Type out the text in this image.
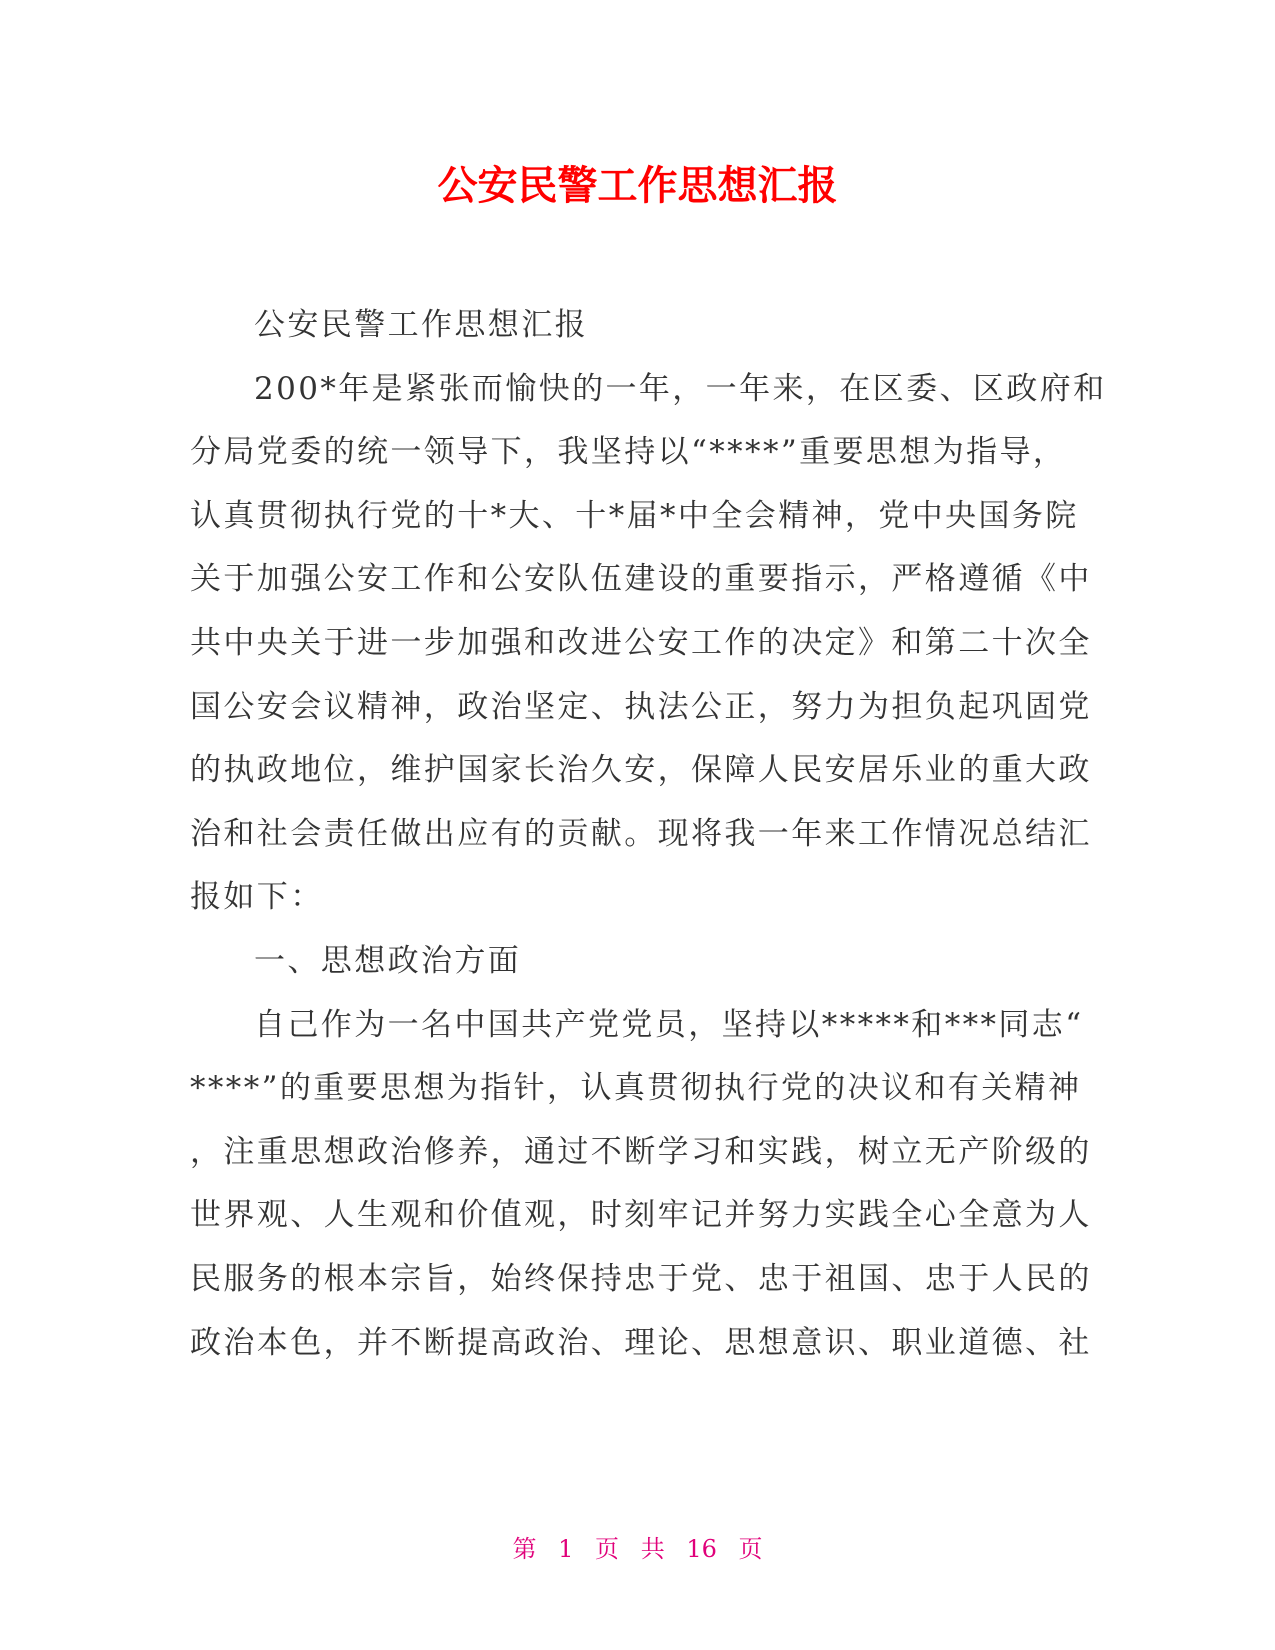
公安民警工作思想汇报
公安民警工作思想汇报
200*年是紧张而愉快的一年，一年来，在区委、区政府和
分局党委的统一领导下，我坚持以“****”重要思想为指导，
认真贯彻执行党的十*大、十*届*中全会精神，党中央国务院
关于加强公安工作和公安队伍建设的重要指示，严格遵循《中
共中央关于进一步加强和改进公安工作的决定》和第二十次全
国公安会议精神，政治坚定、执法公正，努力为担负起巩固党
的执政地位，维护国家长治久安，保障人民安居乐业的重大政
治和社会责任做出应有的贡献。现将我一年来工作情况总结汇
报如下：
一、思想政治方面
自己作为一名中国共产党党员，坚持以*****和***同志“
****”的重要思想为指针，认真贯彻执行党的决议和有关精神
，注重思想政治修养，通过不断学习和实践，树立无产阶级的
世界观、人生观和价值观，时刻牢记并努力实践全心全意为人
民服务的根本宗旨，始终保持忠于党、忠于祖国、忠于人民的
政治本色，并不断提高政治、理论、思想意识、职业道德、社
第 1 页 共 16 页
